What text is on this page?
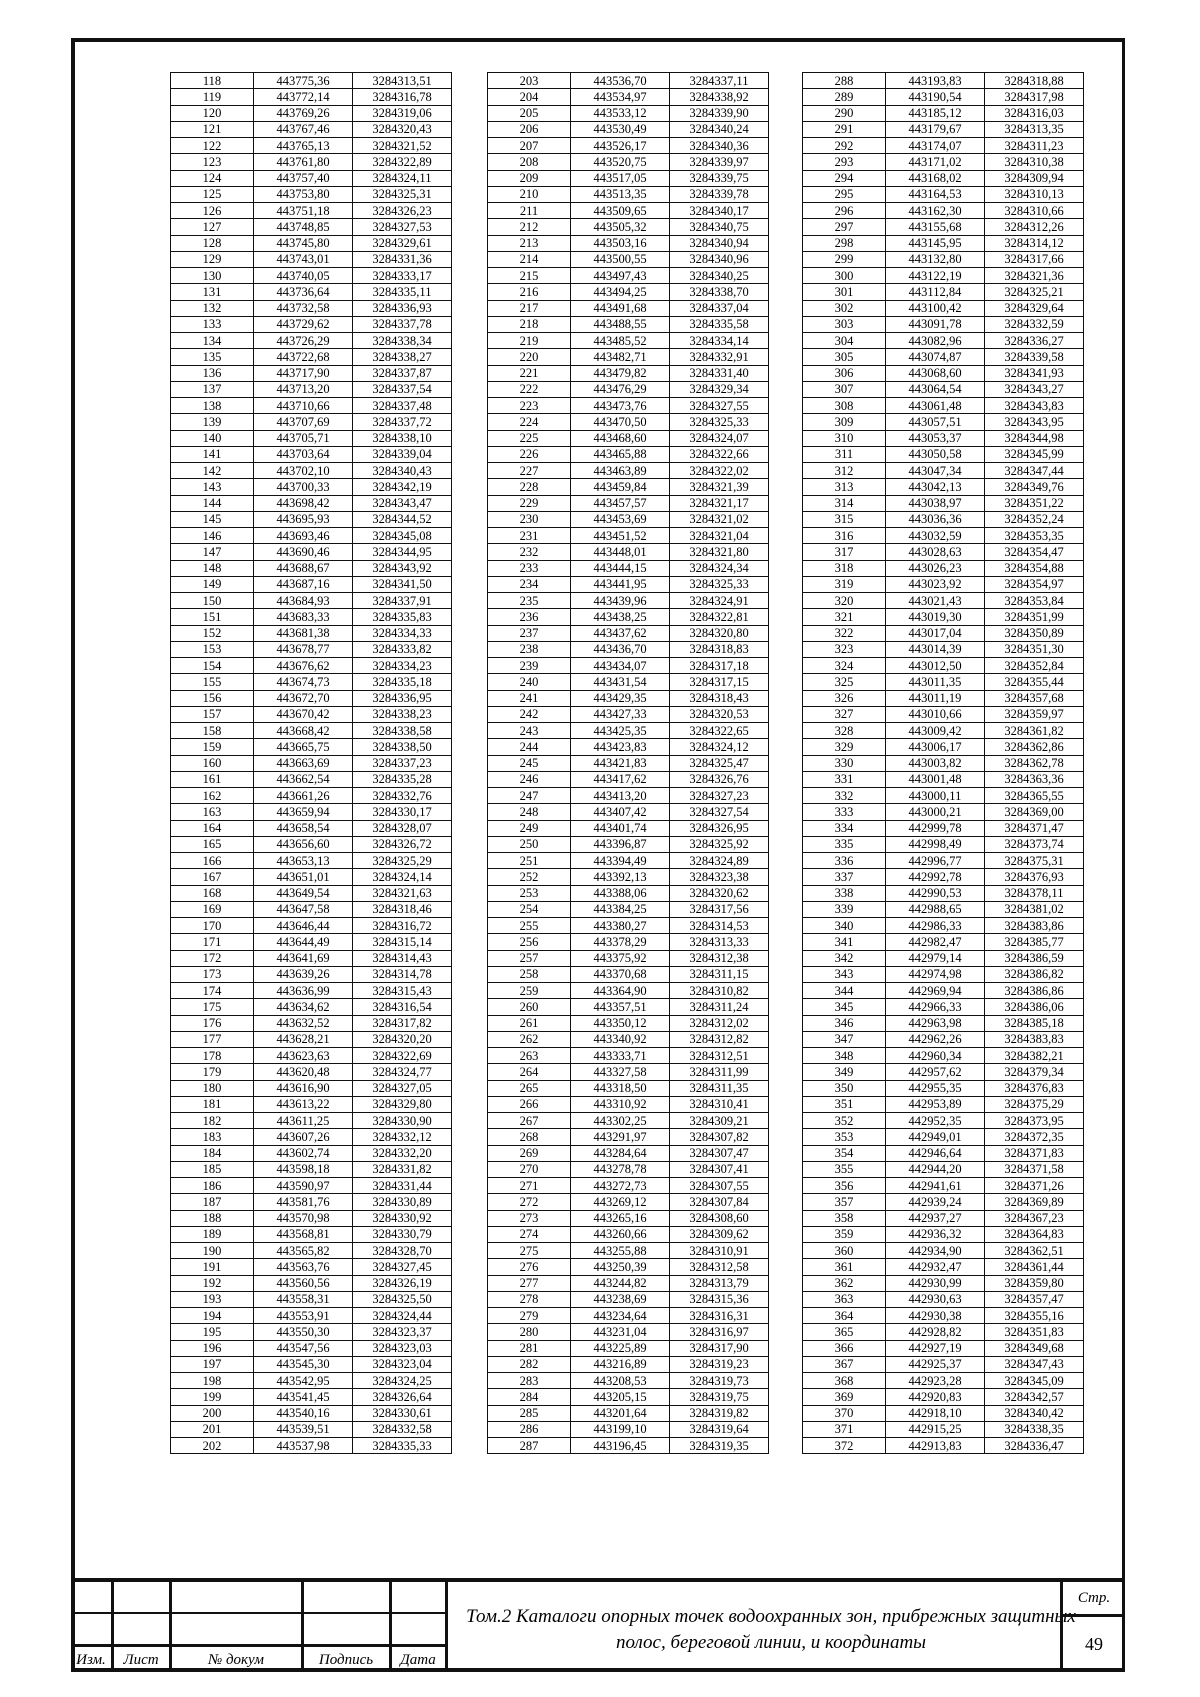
118	443775,36	3284313,51
119	443772,14	3284316,78
120	443769,26	3284319,06
121	443767,46	3284320,43
122	443765,13	3284321,52
123	443761,80	3284322,89
124	443757,40	3284324,11
125	443753,80	3284325,31
126	443751,18	3284326,23
127	443748,85	3284327,53
128	443745,80	3284329,61
129	443743,01	3284331,36
130	443740,05	3284333,17
131	443736,64	3284335,11
132	443732,58	3284336,93
133	443729,62	3284337,78
134	443726,29	3284338,34
135	443722,68	3284338,27
136	443717,90	3284337,87
137	443713,20	3284337,54
138	443710,66	3284337,48
139	443707,69	3284337,72
140	443705,71	3284338,10
141	443703,64	3284339,04
142	443702,10	3284340,43
143	443700,33	3284342,19
144	443698,42	3284343,47
145	443695,93	3284344,52
146	443693,46	3284345,08
147	443690,46	3284344,95
148	443688,67	3284343,92
149	443687,16	3284341,50
150	443684,93	3284337,91
151	443683,33	3284335,83
152	443681,38	3284334,33
153	443678,77	3284333,82
154	443676,62	3284334,23
155	443674,73	3284335,18
156	443672,70	3284336,95
157	443670,42	3284338,23
158	443668,42	3284338,58
159	443665,75	3284338,50
160	443663,69	3284337,23
161	443662,54	3284335,28
162	443661,26	3284332,76
163	443659,94	3284330,17
164	443658,54	3284328,07
165	443656,60	3284326,72
166	443653,13	3284325,29
167	443651,01	3284324,14
168	443649,54	3284321,63
169	443647,58	3284318,46
170	443646,44	3284316,72
171	443644,49	3284315,14
172	443641,69	3284314,43
173	443639,26	3284314,78
174	443636,99	3284315,43
175	443634,62	3284316,54
176	443632,52	3284317,82
177	443628,21	3284320,20
178	443623,63	3284322,69
179	443620,48	3284324,77
180	443616,90	3284327,05
181	443613,22	3284329,80
182	443611,25	3284330,90
183	443607,26	3284332,12
184	443602,74	3284332,20
185	443598,18	3284331,82
186	443590,97	3284331,44
187	443581,76	3284330,89
188	443570,98	3284330,92
189	443568,81	3284330,79
190	443565,82	3284328,70
191	443563,76	3284327,45
192	443560,56	3284326,19
193	443558,31	3284325,50
194	443553,91	3284324,44
195	443550,30	3284323,37
196	443547,56	3284323,03
197	443545,30	3284323,04
198	443542,95	3284324,25
199	443541,45	3284326,64
200	443540,16	3284330,61
201	443539,51	3284332,58
202	443537,98	3284335,33
203	443536,70	3284337,11
204	443534,97	3284338,92
205	443533,12	3284339,90
206	443530,49	3284340,24
207	443526,17	3284340,36
208	443520,75	3284339,97
209	443517,05	3284339,75
210	443513,35	3284339,78
211	443509,65	3284340,17
212	443505,32	3284340,75
213	443503,16	3284340,94
214	443500,55	3284340,96
215	443497,43	3284340,25
216	443494,25	3284338,70
217	443491,68	3284337,04
218	443488,55	3284335,58
219	443485,52	3284334,14
220	443482,71	3284332,91
221	443479,82	3284331,40
222	443476,29	3284329,34
223	443473,76	3284327,55
224	443470,50	3284325,33
225	443468,60	3284324,07
226	443465,88	3284322,66
227	443463,89	3284322,02
228	443459,84	3284321,39
229	443457,57	3284321,17
230	443453,69	3284321,02
231	443451,52	3284321,04
232	443448,01	3284321,80
233	443444,15	3284324,34
234	443441,95	3284325,33
235	443439,96	3284324,91
236	443438,25	3284322,81
237	443437,62	3284320,80
238	443436,70	3284318,83
239	443434,07	3284317,18
240	443431,54	3284317,15
241	443429,35	3284318,43
242	443427,33	3284320,53
243	443425,35	3284322,65
244	443423,83	3284324,12
245	443421,83	3284325,47
246	443417,62	3284326,76
247	443413,20	3284327,23
248	443407,42	3284327,54
249	443401,74	3284326,95
250	443396,87	3284325,92
251	443394,49	3284324,89
252	443392,13	3284323,38
253	443388,06	3284320,62
254	443384,25	3284317,56
255	443380,27	3284314,53
256	443378,29	3284313,33
257	443375,92	3284312,38
258	443370,68	3284311,15
259	443364,90	3284310,82
260	443357,51	3284311,24
261	443350,12	3284312,02
262	443340,92	3284312,82
263	443333,71	3284312,51
264	443327,58	3284311,99
265	443318,50	3284311,35
266	443310,92	3284310,41
267	443302,25	3284309,21
268	443291,97	3284307,82
269	443284,64	3284307,47
270	443278,78	3284307,41
271	443272,73	3284307,55
272	443269,12	3284307,84
273	443265,16	3284308,60
274	443260,66	3284309,62
275	443255,88	3284310,91
276	443250,39	3284312,58
277	443244,82	3284313,79
278	443238,69	3284315,36
279	443234,64	3284316,31
280	443231,04	3284316,97
281	443225,89	3284317,90
282	443216,89	3284319,23
283	443208,53	3284319,73
284	443205,15	3284319,75
285	443201,64	3284319,82
286	443199,10	3284319,64
287	443196,45	3284319,35
288	443193,83	3284318,88
289	443190,54	3284317,98
290	443185,12	3284316,03
291	443179,67	3284313,35
292	443174,07	3284311,23
293	443171,02	3284310,38
294	443168,02	3284309,94
295	443164,53	3284310,13
296	443162,30	3284310,66
297	443155,68	3284312,26
298	443145,95	3284314,12
299	443132,80	3284317,66
300	443122,19	3284321,36
301	443112,84	3284325,21
302	443100,42	3284329,64
303	443091,78	3284332,59
304	443082,96	3284336,27
305	443074,87	3284339,58
306	443068,60	3284341,93
307	443064,54	3284343,27
308	443061,48	3284343,83
309	443057,51	3284343,95
310	443053,37	3284344,98
311	443050,58	3284345,99
312	443047,34	3284347,44
313	443042,13	3284349,76
314	443038,97	3284351,22
315	443036,36	3284352,24
316	443032,59	3284353,35
317	443028,63	3284354,47
318	443026,23	3284354,88
319	443023,92	3284354,97
320	443021,43	3284353,84
321	443019,30	3284351,99
322	443017,04	3284350,89
323	443014,39	3284351,30
324	443012,50	3284352,84
325	443011,35	3284355,44
326	443011,19	3284357,68
327	443010,66	3284359,97
328	443009,42	3284361,82
329	443006,17	3284362,86
330	443003,82	3284362,78
331	443001,48	3284363,36
332	443000,11	3284365,55
333	443000,21	3284369,00
334	442999,78	3284371,47
335	442998,49	3284373,74
336	442996,77	3284375,31
337	442992,78	3284376,93
338	442990,53	3284378,11
339	442988,65	3284381,02
340	442986,33	3284383,86
341	442982,47	3284385,77
342	442979,14	3284386,59
343	442974,98	3284386,82
344	442969,94	3284386,86
345	442966,33	3284386,06
346	442963,98	3284385,18
347	442962,26	3284383,83
348	442960,34	3284382,21
349	442957,62	3284379,34
350	442955,35	3284376,83
351	442953,89	3284375,29
352	442952,35	3284373,95
353	442949,01	3284372,35
354	442946,64	3284371,83
355	442944,20	3284371,58
356	442941,61	3284371,26
357	442939,24	3284369,89
358	442937,27	3284367,23
359	442936,32	3284364,83
360	442934,90	3284362,51
361	442932,47	3284361,44
362	442930,99	3284359,80
363	442930,63	3284357,47
364	442930,38	3284355,16
365	442928,82	3284351,83
366	442927,19	3284349,68
367	442925,37	3284347,43
368	442923,28	3284345,09
369	442920,83	3284342,57
370	442918,10	3284340,42
371	442915,25	3284338,35
372	442913,83	3284336,47
Изм.	Лист	№ докум	Подпись	Дата
Том.2 Каталоги опорных точек водоохранных зон, прибрежных защитных полос, береговой линии, и координаты
Стр.
49
